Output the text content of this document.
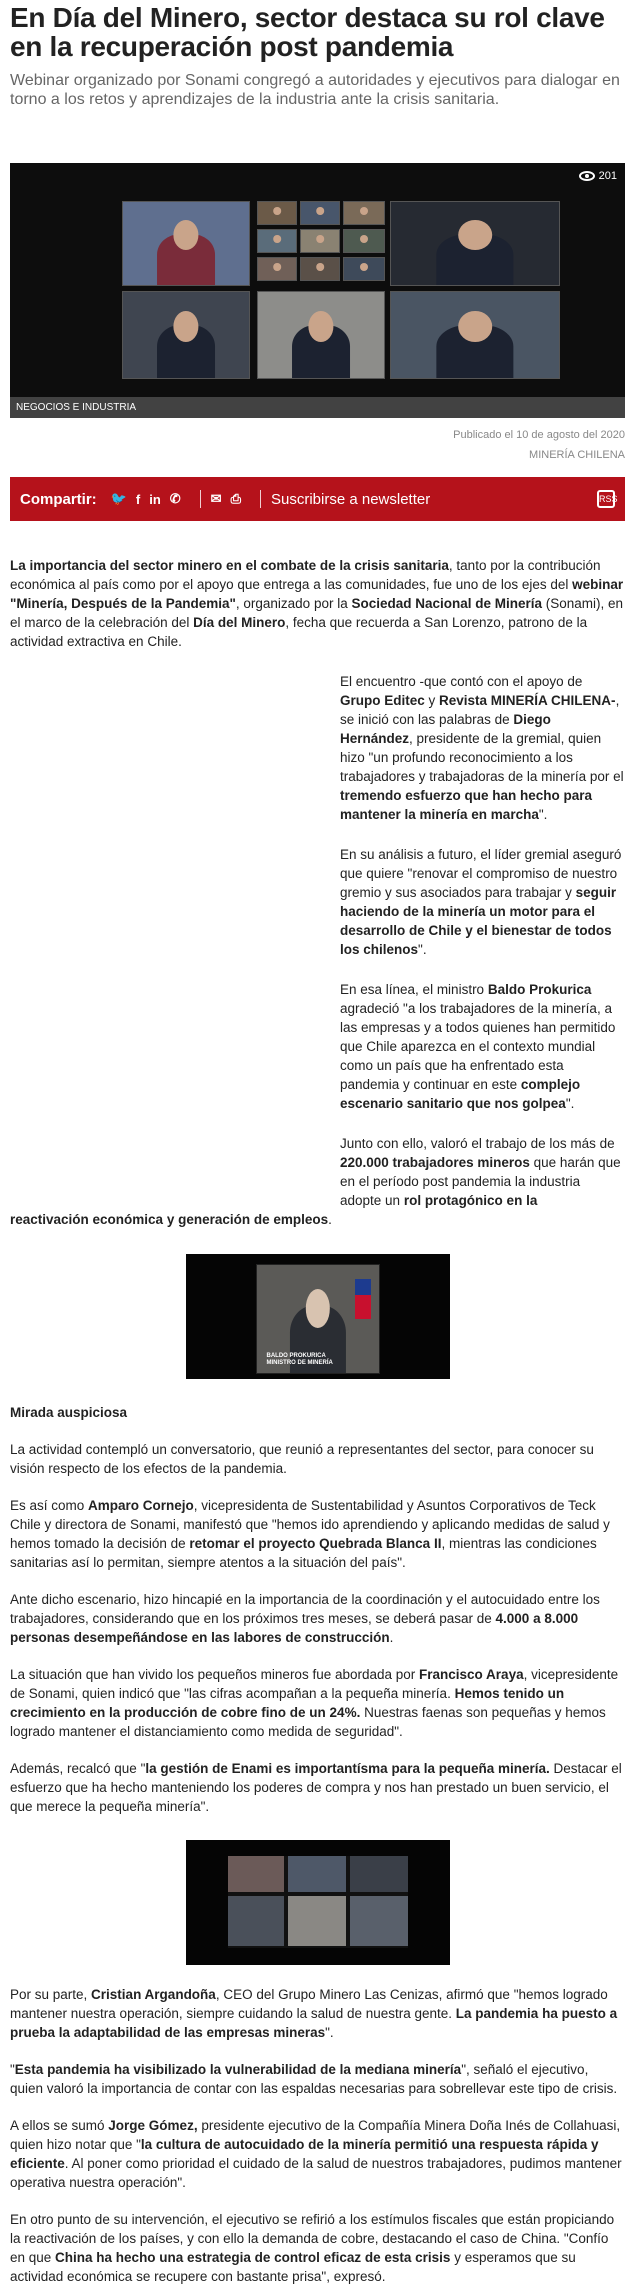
En Día del Minero, sector destaca su rol clave en la recuperación post pandemia

Webinar organizado por Sonami congregó a autoridades y ejecutivos para dialogar en torno a los retos y aprendizajes de la industria ante la crisis sanitaria.

201
NEGOCIOS E INDUSTRIA
Publicado el 10 de agosto del 2020
MINERÍA CHILENA
Compartir: 🐦 f in ✆ ✉ ⎙ Suscribirse a newsletter	RSS

La importancia del sector minero en el combate de la crisis sanitaria, tanto por la contribución económica al país como por el apoyo que entrega a las comunidades, fue uno de los ejes del webinar "Minería, Después de la Pandemia", organizado por la Sociedad Nacional de Minería (Sonami), en el marco de la celebración del Día del Minero, fecha que recuerda a San Lorenzo, patrono de la actividad extractiva en Chile.

El encuentro -que contó con el apoyo de Grupo Editec y Revista MINERÍA CHILENA-, se inició con las palabras de Diego Hernández, presidente de la gremial, quien hizo "un profundo reconocimiento a los trabajadores y trabajadoras de la minería por el tremendo esfuerzo que han hecho para mantener la minería en marcha".

En su análisis a futuro, el líder gremial aseguró que quiere "renovar el compromiso de nuestro gremio y sus asociados para trabajar y seguir haciendo de la minería un motor para el desarrollo de Chile y el bienestar de todos los chilenos".

En esa línea, el ministro Baldo Prokurica agradeció "a los trabajadores de la minería, a las empresas y a todos quienes han permitido que Chile aparezca en el contexto mundial como un país que ha enfrentado esta pandemia y continuar en este complejo escenario sanitario que nos golpea".

Junto con ello, valoró el trabajo de los más de 220.000 trabajadores mineros que harán que en el período post pandemia la industria adopte un rol protagónico en la

reactivación económica y generación de empleos.

BALDO PROKURICA
MINISTRO DE MINERÍA

Mirada auspiciosa

La actividad contempló un conversatorio, que reunió a representantes del sector, para conocer su visión respecto de los efectos de la pandemia.

Es así como Amparo Cornejo, vicepresidenta de Sustentabilidad y Asuntos Corporativos de Teck Chile y directora de Sonami, manifestó que "hemos ido aprendiendo y aplicando medidas de salud y hemos tomado la decisión de retomar el proyecto Quebrada Blanca II, mientras las condiciones sanitarias así lo permitan, siempre atentos a la situación del país".

Ante dicho escenario, hizo hincapié en la importancia de la coordinación y el autocuidado entre los trabajadores, considerando que en los próximos tres meses, se deberá pasar de 4.000 a 8.000 personas desempeñándose en las labores de construcción.

La situación que han vivido los pequeños mineros fue abordada por Francisco Araya, vicepresidente de Sonami, quien indicó que "las cifras acompañan a la pequeña minería. Hemos tenido un crecimiento en la producción de cobre fino de un 24%. Nuestras faenas son pequeñas y hemos logrado mantener el distanciamiento como medida de seguridad".

Además, recalcó que "la gestión de Enami es importantísma para la pequeña minería. Destacar el esfuerzo que ha hecho manteniendo los poderes de compra y nos han prestado un buen servicio, el que merece la pequeña minería".

Por su parte, Cristian Argandoña, CEO del Grupo Minero Las Cenizas, afirmó que "hemos logrado mantener nuestra operación, siempre cuidando la salud de nuestra gente. La pandemia ha puesto a prueba la adaptabilidad de las empresas mineras".

"Esta pandemia ha visibilizado la vulnerabilidad de la mediana minería", señaló el ejecutivo, quien valoró la importancia de contar con las espaldas necesarias para sobrellevar este tipo de crisis.

A ellos se sumó Jorge Gómez, presidente ejecutivo de la Compañía Minera Doña Inés de Collahuasi, quien hizo notar que "la cultura de autocuidado de la minería permitió una respuesta rápida y eficiente. Al poner como prioridad el cuidado de la salud de nuestros trabajadores, pudimos mantener operativa nuestra operación".

En otro punto de su intervención, el ejecutivo se refirió a los estímulos fiscales que están propiciando la reactivación de los países, y con ello la demanda de cobre, destacando el caso de China. "Confío en que China ha hecho una estrategia de control eficaz de esta crisis y esperamos que su actividad económica se recupere con bastante prisa", expresó.
